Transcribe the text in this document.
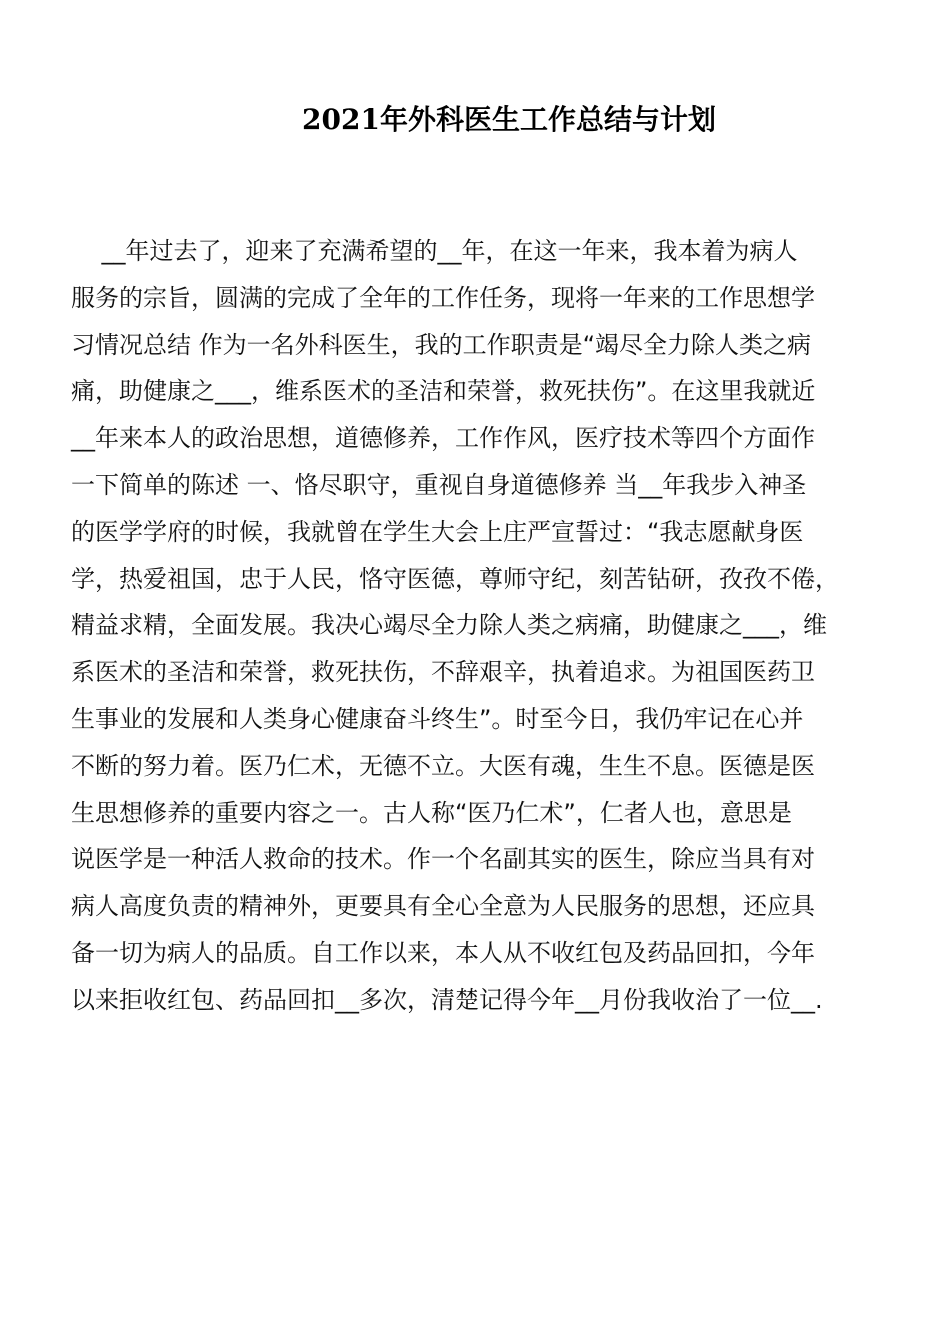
2021年外科医生工作总结与计划
__年过去了，迎来了充满希望的__年，在这一年来，我本着为病人
服务的宗旨，圆满的完成了全年的工作任务，现将一年来的工作思想学
习情况总结 作为一名外科医生，我的工作职责是“竭尽全力除人类之病
痛，助健康之___，维系医术的圣洁和荣誉，救死扶伤”。在这里我就近
__年来本人的政治思想，道德修养，工作作风，医疗技术等四个方面作
一下简单的陈述 一、恪尽职守，重视自身道德修养 当__年我步入神圣
的医学学府的时候，我就曾在学生大会上庄严宣誓过：“我志愿献身医
学，热爱祖国，忠于人民，恪守医德，尊师守纪，刻苦钻研，孜孜不倦，
精益求精，全面发展。我决心竭尽全力除人类之病痛，助健康之___，维
系医术的圣洁和荣誉，救死扶伤，不辞艰辛，执着追求。为祖国医药卫
生事业的发展和人类身心健康奋斗终生”。时至今日，我仍牢记在心并
不断的努力着。医乃仁术，无德不立。大医有魂，生生不息。医德是医
生思想修养的重要内容之一。古人称“医乃仁术”，仁者人也，意思是
说医学是一种活人救命的技术。作一个名副其实的医生，除应当具有对
病人高度负责的精神外，更要具有全心全意为人民服务的思想，还应具
备一切为病人的品质。自工作以来，本人从不收红包及药品回扣，今年
以来拒收红包、药品回扣__多次，清楚记得今年__月份我收治了一位__.
